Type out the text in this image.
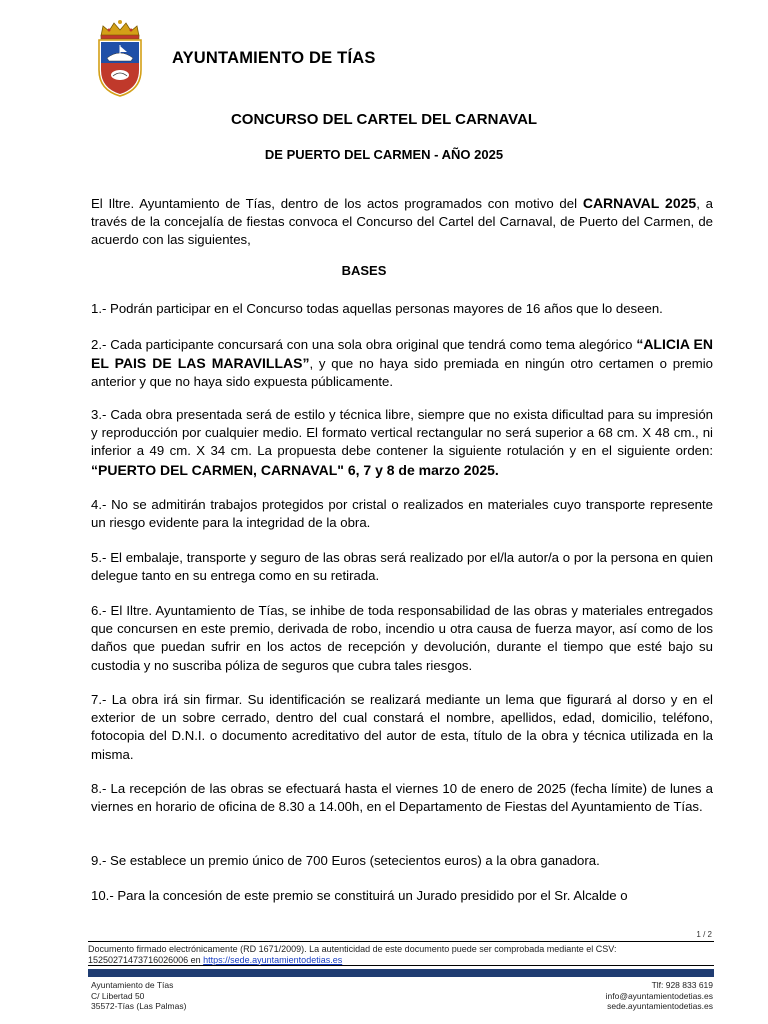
AYUNTAMIENTO DE TÍAS
CONCURSO DEL CARTEL DEL CARNAVAL
DE PUERTO DEL CARMEN - AÑO 2025
El Iltre. Ayuntamiento de Tías, dentro de los actos programados con motivo del CARNAVAL 2025, a través de la concejalía de fiestas convoca el Concurso del Cartel del Carnaval, de Puerto del Carmen, de acuerdo con las siguientes,
BASES
1.- Podrán participar en el Concurso todas aquellas personas mayores de 16 años que lo deseen.
2.- Cada participante concursará con una sola obra original que tendrá como tema alegórico “ALICIA EN EL PAIS DE LAS MARAVILLAS”, y que no haya sido premiada en ningún otro certamen o premio anterior y que no haya sido expuesta públicamente.
3.- Cada obra presentada será de estilo y técnica libre, siempre que no exista dificultad para su impresión y reproducción por cualquier medio. El formato vertical rectangular no será superior a 68 cm. X 48 cm., ni inferior a 49 cm. X 34 cm. La propuesta debe contener la siguiente rotulación y en el siguiente orden: “PUERTO DEL CARMEN, CARNAVAL" 6, 7 y 8 de marzo 2025.
4.- No se admitirán trabajos protegidos por cristal o realizados en materiales cuyo transporte represente un riesgo evidente para la integridad de la obra.
5.- El embalaje, transporte y seguro de las obras será realizado por el/la autor/a o por la persona en quien delegue tanto en su entrega como en su retirada.
6.- El Iltre. Ayuntamiento de Tías, se inhibe de toda responsabilidad de las obras y materiales entregados que concursen en este premio, derivada de robo, incendio u otra causa de fuerza mayor, así como de los daños que puedan sufrir en los actos de recepción y devolución, durante el tiempo que esté bajo su custodia y no suscriba póliza de seguros que cubra tales riesgos.
7.- La obra irá sin firmar. Su identificación se realizará mediante un lema que figurará al dorso y en el exterior de un sobre cerrado, dentro del cual constará el nombre, apellidos, edad, domicilio, teléfono, fotocopia del D.N.I. o documento acreditativo del autor de esta, título de la obra y técnica utilizada en la misma.
8.- La recepción de las obras se efectuará hasta el viernes 10 de enero de 2025 (fecha límite) de lunes a viernes en horario de oficina de 8.30 a 14.00h, en el Departamento de Fiestas del Ayuntamiento de Tías.
9.- Se establece un premio único de 700 Euros (setecientos euros) a la obra ganadora.
10.- Para la concesión de este premio se constituirá un Jurado presidido por el Sr. Alcalde o
1 / 2
Documento firmado electrónicamente (RD 1671/2009). La autenticidad de este documento puede ser comprobada mediante el CSV:
15250271473716026006 en https://sede.ayuntamientodetias.es
Ayuntamiento de Tías
C/ Libertad 50
35572-Tías (Las Palmas)
Tlf: 928 833 619
info@ayuntamientodetias.es
sede.ayuntamientodetias.es
